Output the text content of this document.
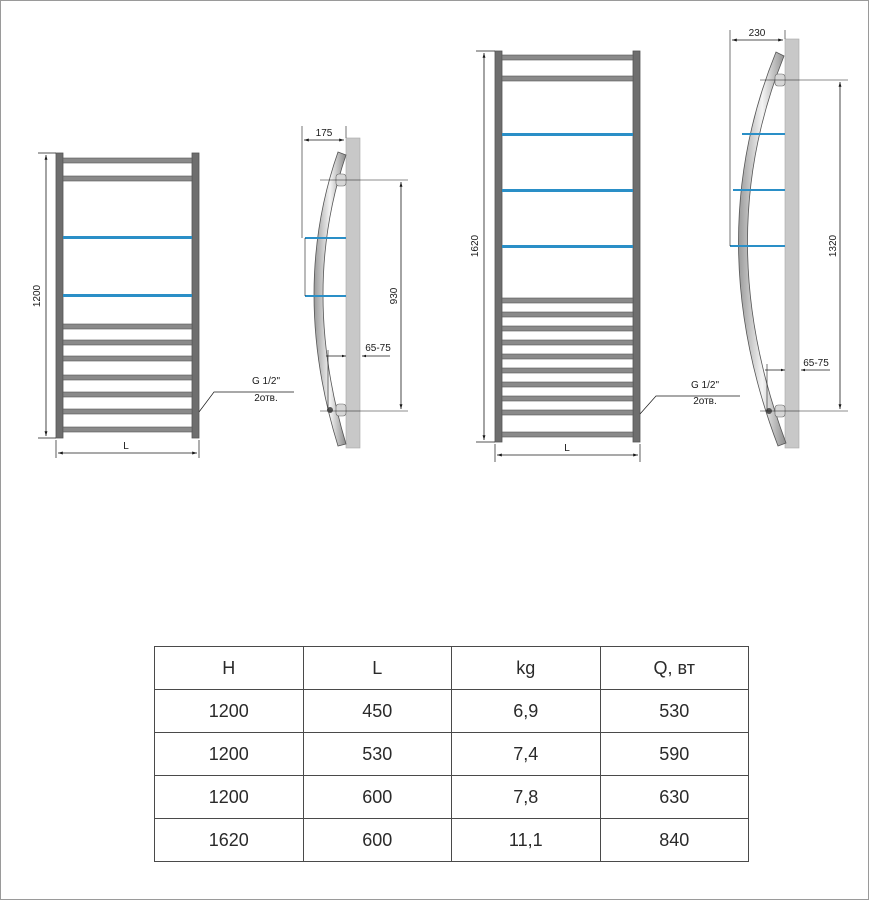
1200
L
G 1/2"
2отв.
175
930
65-75
1620
L
G 1/2"
2отв.
230
1320
65-75
H	L	kg	Q, вт
1200	450	6,9	530
1200	530	7,4	590
1200	600	7,8	630
1620	600	11,1	840
